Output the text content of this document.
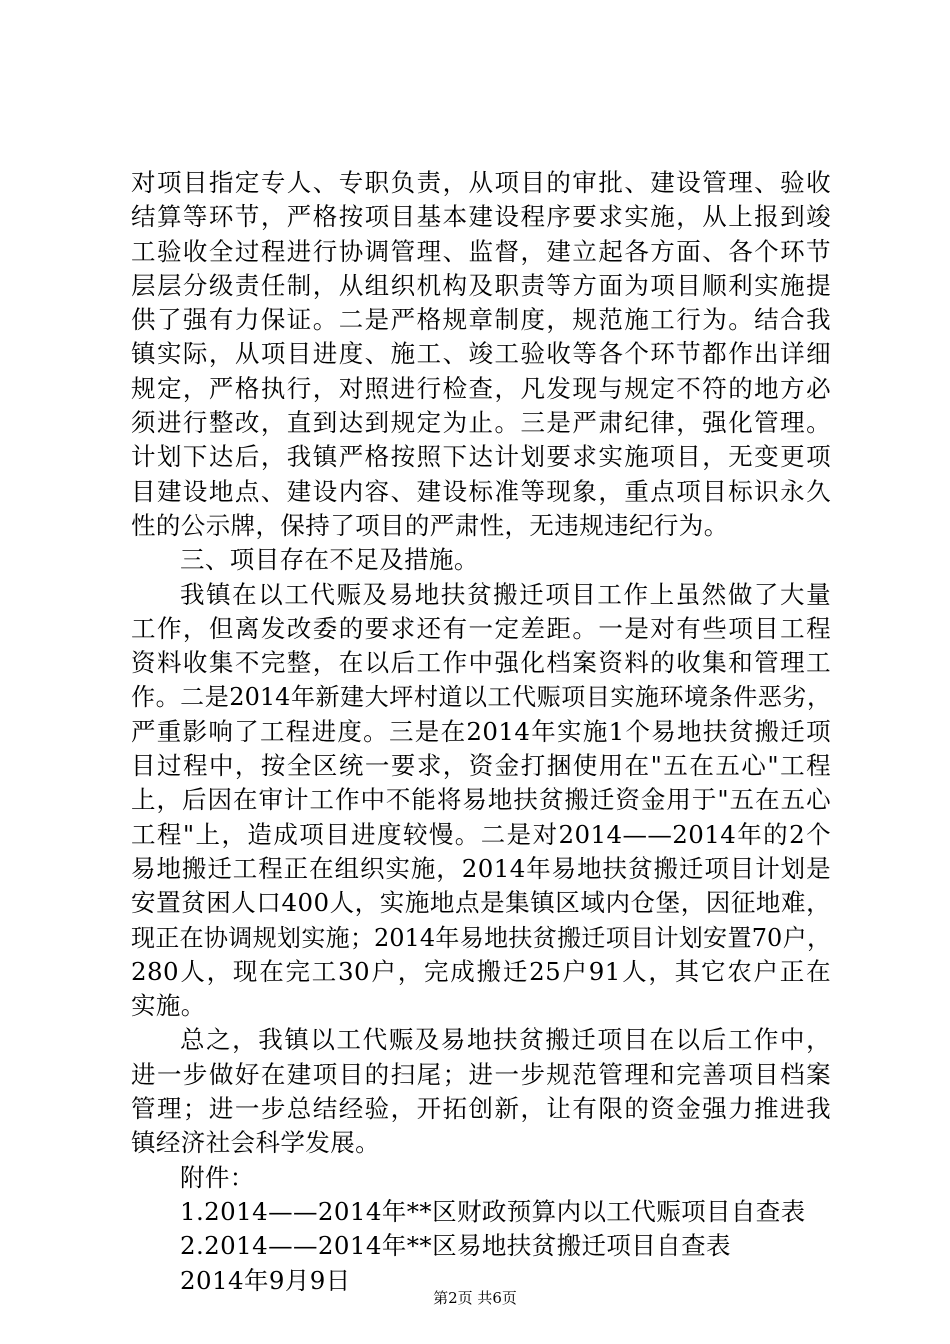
对项目指定专人、专职负责，从项目的审批、建设管理、验收
结算等环节，严格按项目基本建设程序要求实施，从上报到竣
工验收全过程进行协调管理、监督，建立起各方面、各个环节
层层分级责任制，从组织机构及职责等方面为项目顺利实施提
供了强有力保证。二是严格规章制度，规范施工行为。结合我
镇实际，从项目进度、施工、竣工验收等各个环节都作出详细
规定，严格执行，对照进行检查，凡发现与规定不符的地方必
须进行整改，直到达到规定为止。三是严肃纪律，强化管理。
计划下达后，我镇严格按照下达计划要求实施项目，无变更项
目建设地点、建设内容、建设标准等现象，重点项目标识永久
性的公示牌，保持了项目的严肃性，无违规违纪行为。
三、项目存在不足及措施。
我镇在以工代赈及易地扶贫搬迁项目工作上虽然做了大量
工作，但离发改委的要求还有一定差距。一是对有些项目工程
资料收集不完整，在以后工作中强化档案资料的收集和管理工
作。二是2014年新建大坪村道以工代赈项目实施环境条件恶劣，
严重影响了工程进度。三是在2014年实施1个易地扶贫搬迁项
目过程中，按全区统一要求，资金打捆使用在"五在五心"工程
上，后因在审计工作中不能将易地扶贫搬迁资金用于"五在五心
工程"上，造成项目进度较慢。二是对2014——2014年的2个
易地搬迁工程正在组织实施，2014年易地扶贫搬迁项目计划是
安置贫困人口400人，实施地点是集镇区域内仓堡，因征地难，
现正在协调规划实施；2014年易地扶贫搬迁项目计划安置70户，
280人，现在完工30户，完成搬迁25户91人，其它农户正在
实施。
总之，我镇以工代赈及易地扶贫搬迁项目在以后工作中，
进一步做好在建项目的扫尾；进一步规范管理和完善项目档案
管理；进一步总结经验，开拓创新，让有限的资金强力推进我
镇经济社会科学发展。
附件：
1.2014——2014年**区财政预算内以工代赈项目自查表
2.2014——2014年**区易地扶贫搬迁项目自查表
2014年9月9日
第2页 共6页
